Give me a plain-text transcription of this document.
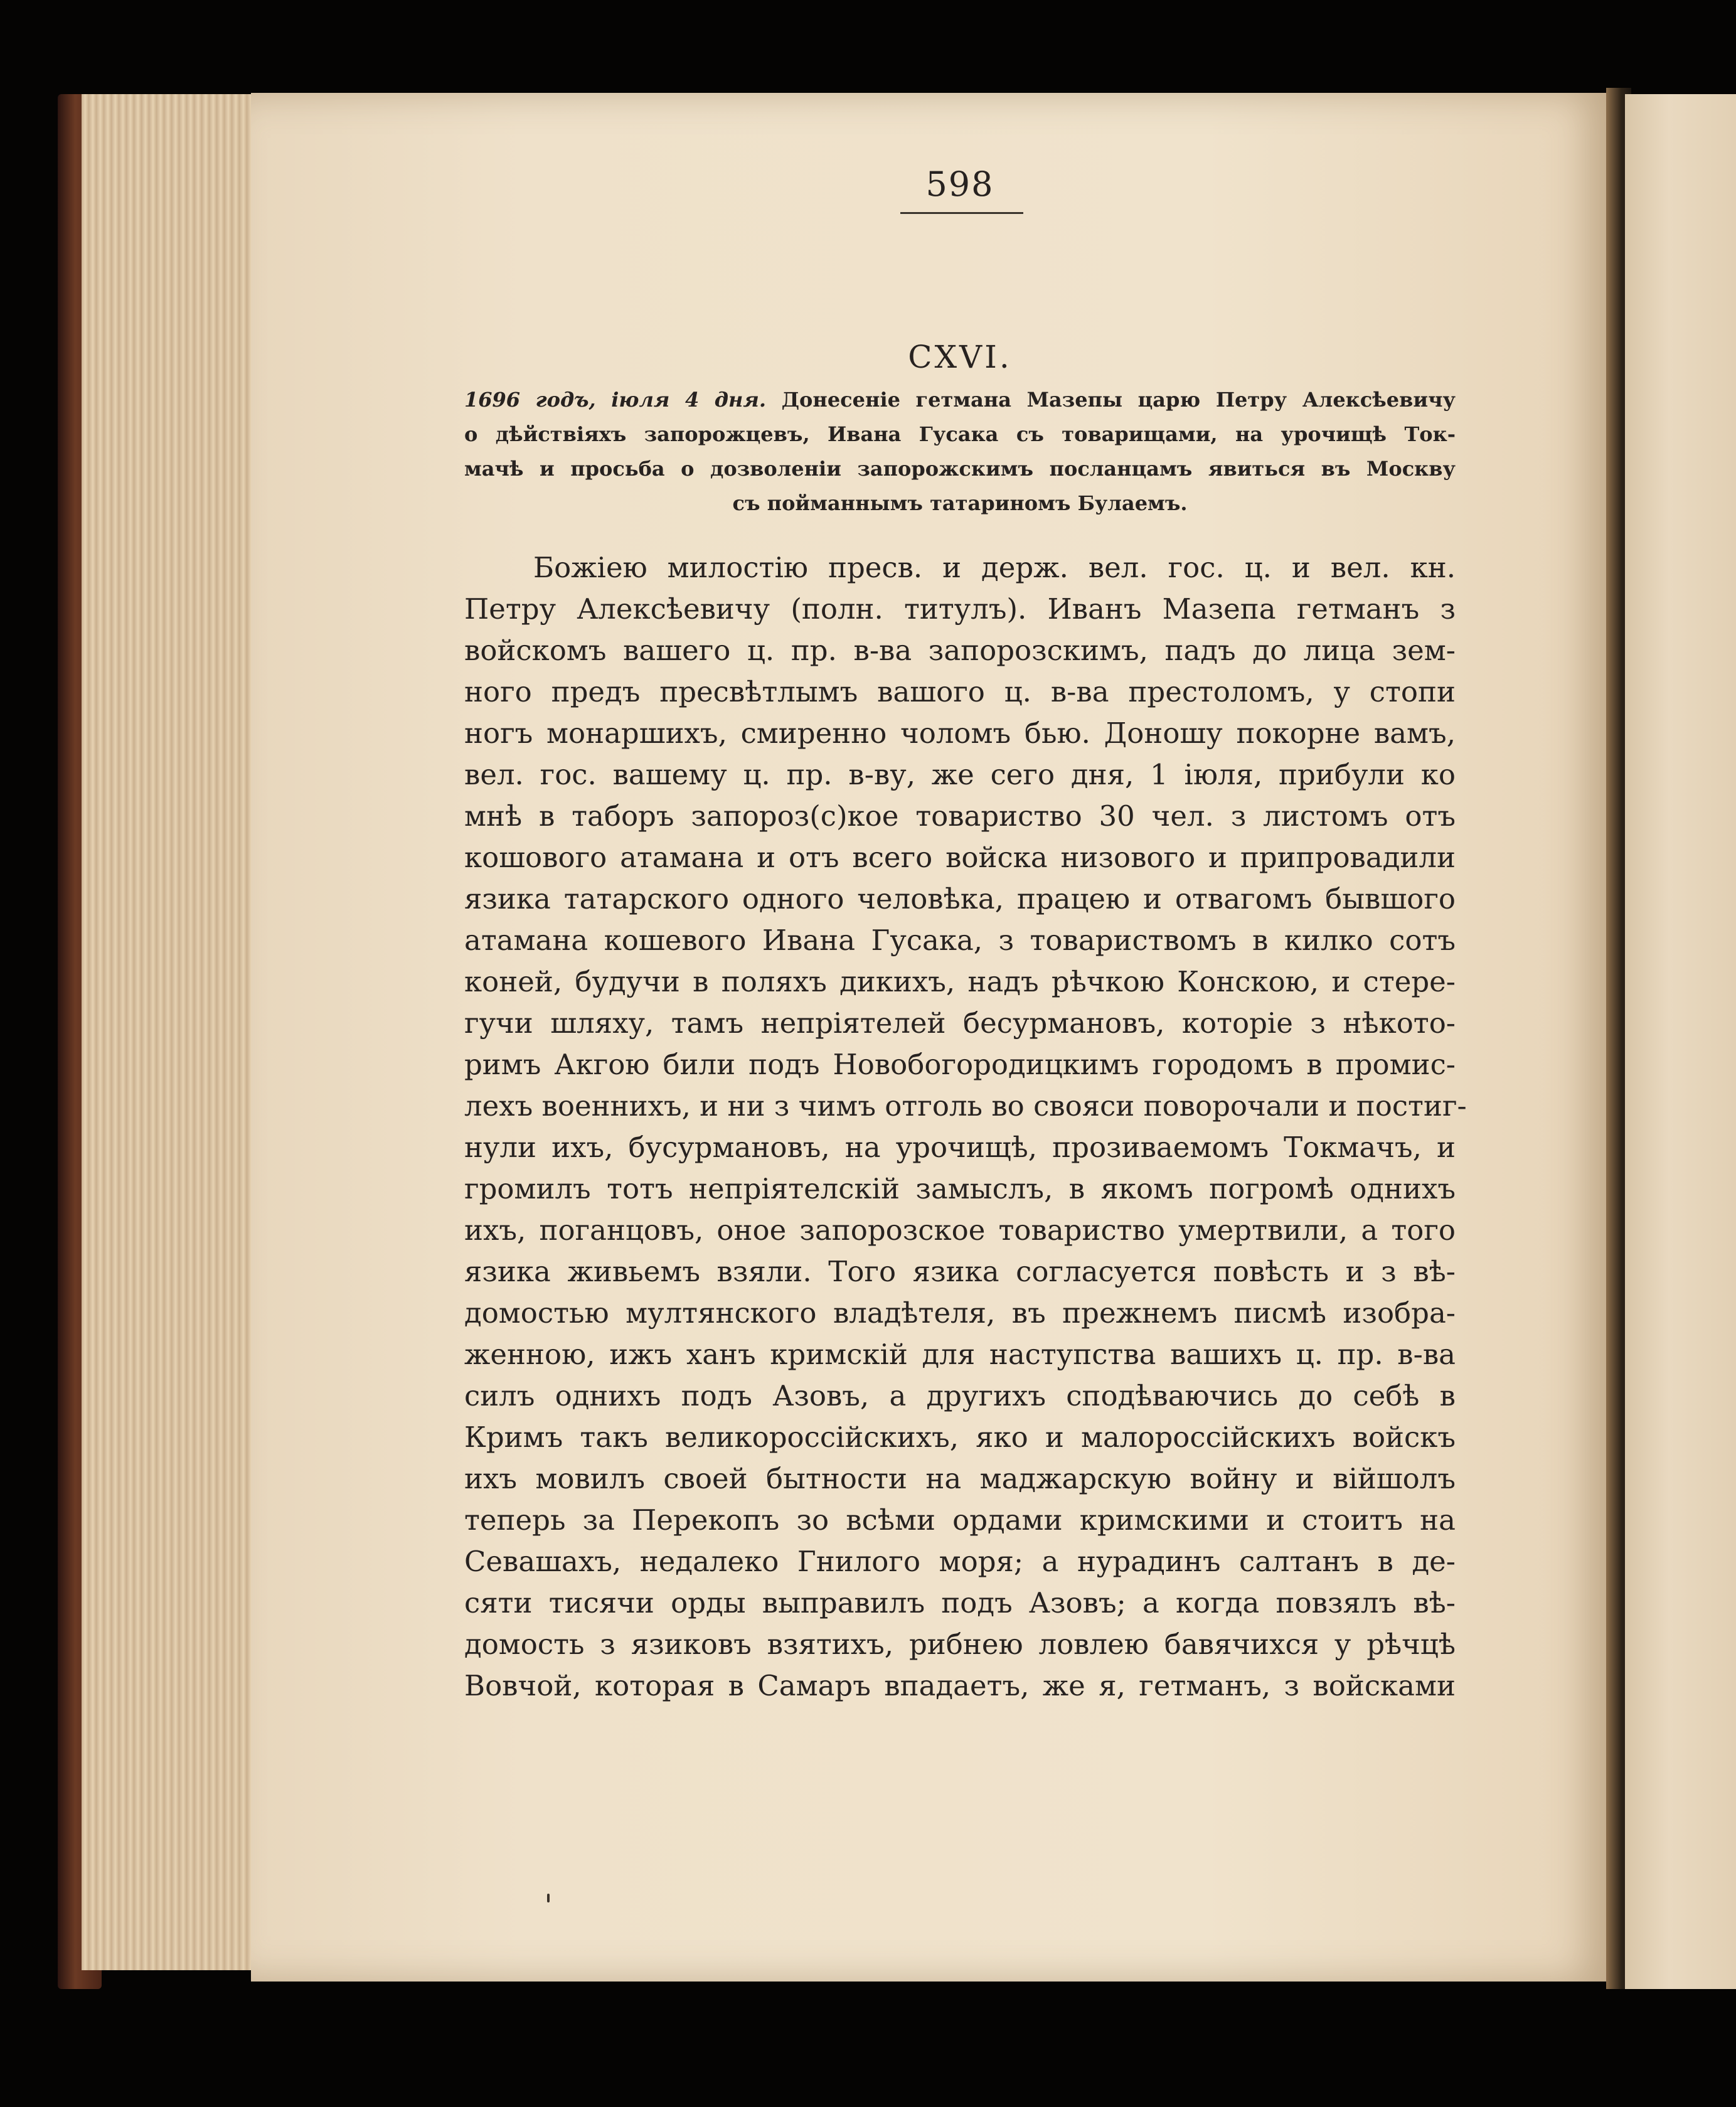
598
CXVI.
1696 годъ, іюля 4 дня. Донесеніе гетмана Мазепы царю Петру Алексѣевичу
о дѣйствіяхъ запорожцевъ, Ивана Гусака съ товарищами, на урочищѣ Ток-
мачѣ и просьба о дозволеніи запорожскимъ посланцамъ явиться въ Москву
съ пойманнымъ татариномъ Булаемъ.
Божіею милостію пресв. и держ. вел. гос. ц. и вел. кн.
Петру Алексѣевичу (полн. титулъ). Иванъ Мазепа гетманъ з
войскомъ вашего ц. пр. в-ва запорозскимъ, падъ до лица зем-
ного предъ пресвѣтлымъ вашого ц. в-ва престоломъ, у стопи
ногъ монаршихъ, смиренно чоломъ бью. Доношу покорне вамъ,
вел. гос. вашему ц. пр. в-ву, же сего дня, 1 іюля, прибули ко
мнѣ в таборъ запороз(с)кое товариство 30 чел. з листомъ отъ
кошового атамана и отъ всего войска низового и припровадили
язика татарского одного человѣка, працею и отвагомъ бывшого
атамана кошевого Ивана Гусака, з товариствомъ в килко сотъ
коней, будучи в поляхъ дикихъ, надъ рѣчкою Конскою, и стере-
гучи шляху, тамъ непріятелей бесурмановъ, которіе з нѣкото-
римъ Акгою били подъ Новобогородицкимъ городомъ в промис-
лехъ военнихъ, и ни з чимъ отголь во свояси поворочали и постиг-
нули ихъ, бусурмановъ, на урочищѣ, прозиваемомъ Токмачъ, и
громилъ тотъ непріятелскій замыслъ, в якомъ погромѣ однихъ
ихъ, поганцовъ, оное запорозское товариство умертвили, а того
язика живьемъ взяли. Того язика согласуется повѣсть и з вѣ-
домостью мултянского владѣтеля, въ прежнемъ писмѣ изобра-
женною, ижъ ханъ кримскій для наступства вашихъ ц. пр. в-ва
силъ однихъ подъ Азовъ, а другихъ сподѣваючись до себѣ в
Кримъ такъ великороссійскихъ, яко и малороссійскихъ войскъ
ихъ мовилъ своей бытности на маджарскую войну и війшолъ
теперь за Перекопъ зо всѣми ордами кримскими и стоитъ на
Севашахъ, недалеко Гнилого моря; а нурадинъ салтанъ в де-
сяти тисячи орды выправилъ подъ Азовъ; а когда повзялъ вѣ-
домость з язиковъ взятихъ, рибнею ловлею бавячихся у рѣчцѣ
Вовчой, которая в Самаръ впадаетъ, же я, гетманъ, з войсками
